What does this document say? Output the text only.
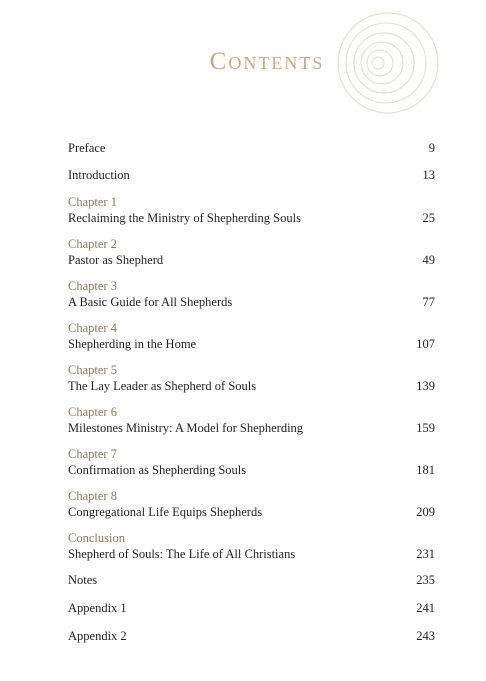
Contents
Preface	9
Introduction	13
Chapter 1
Reclaiming the Ministry of Shepherding Souls	25
Chapter 2
Pastor as Shepherd	49
Chapter 3
A Basic Guide for All Shepherds	77
Chapter 4
Shepherding in the Home	107
Chapter 5
The Lay Leader as Shepherd of Souls	139
Chapter 6
Milestones Ministry: A Model for Shepherding	159
Chapter 7
Confirmation as Shepherding Souls	181
Chapter 8
Congregational Life Equips Shepherds	209
Conclusion
Shepherd of Souls: The Life of All Christians	231
Notes	235
Appendix 1	241
Appendix 2	243
